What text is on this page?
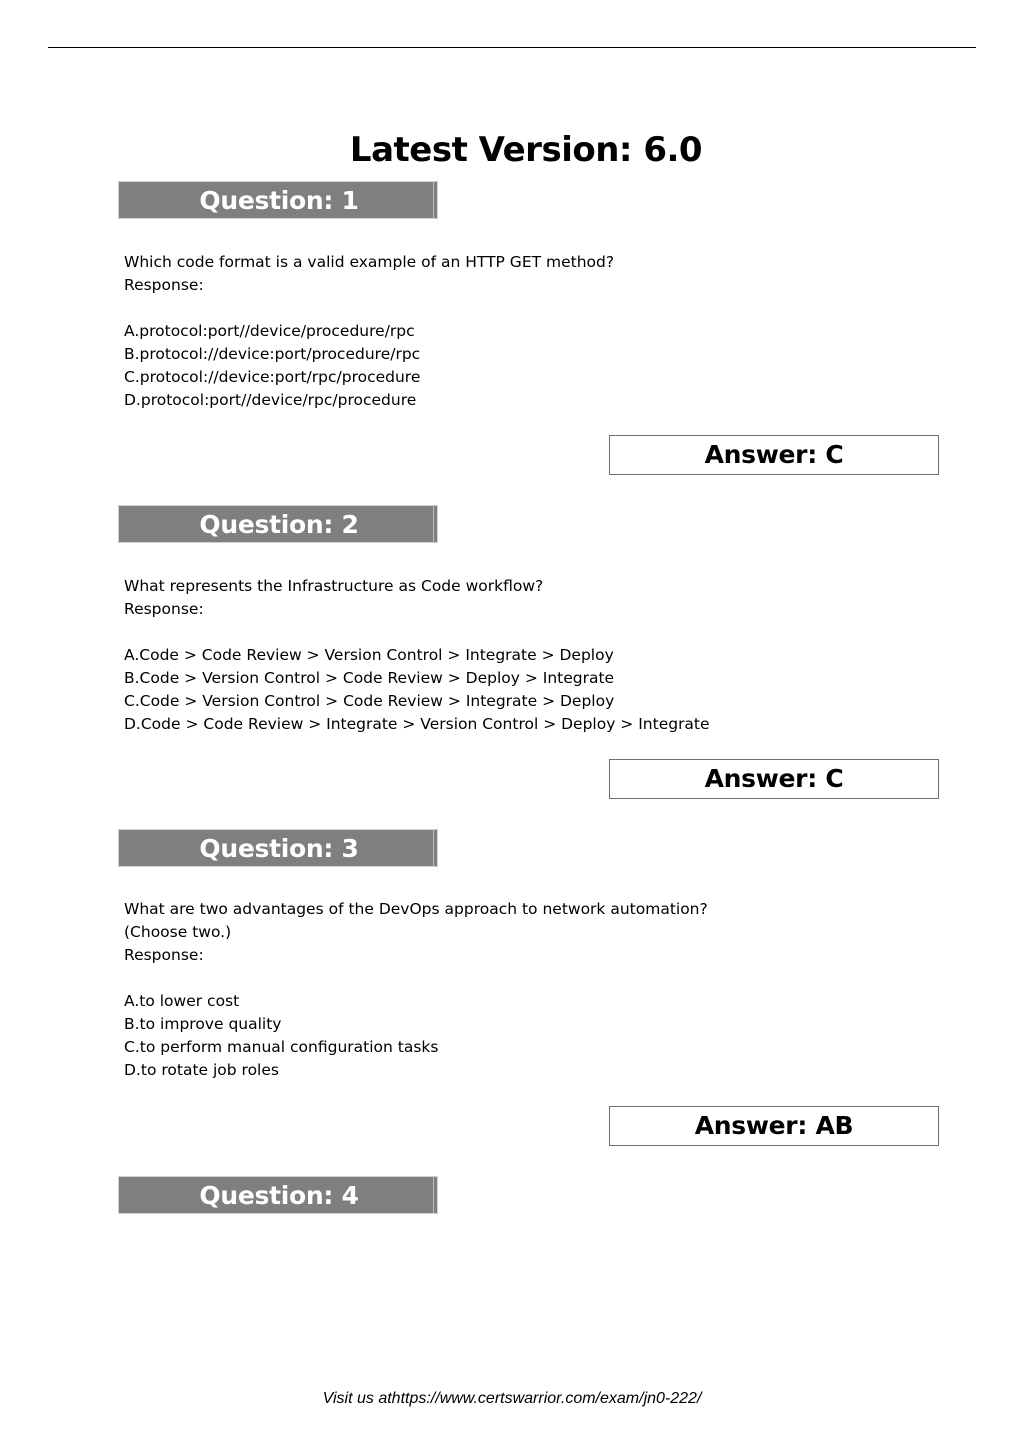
Latest Version: 6.0
Question: 1
Which code format is a valid example of an HTTP GET method?
Response:
A.protocol:port//device/procedure/rpc
B.protocol://device:port/procedure/rpc
C.protocol://device:port/rpc/procedure
D.protocol:port//device/rpc/procedure
Answer: C
Question: 2
What represents the Infrastructure as Code workflow?
Response:
A.Code > Code Review > Version Control > Integrate > Deploy
B.Code > Version Control > Code Review > Deploy > Integrate
C.Code > Version Control > Code Review > Integrate > Deploy
D.Code > Code Review > Integrate > Version Control > Deploy > Integrate
Answer: C
Question: 3
What are two advantages of the DevOps approach to network automation?
(Choose two.)
Response:
A.to lower cost
B.to improve quality
C.to perform manual configuration tasks
D.to rotate job roles
Answer: AB
Question: 4
Visit us athttps://www.certswarrior.com/exam/jn0-222/
